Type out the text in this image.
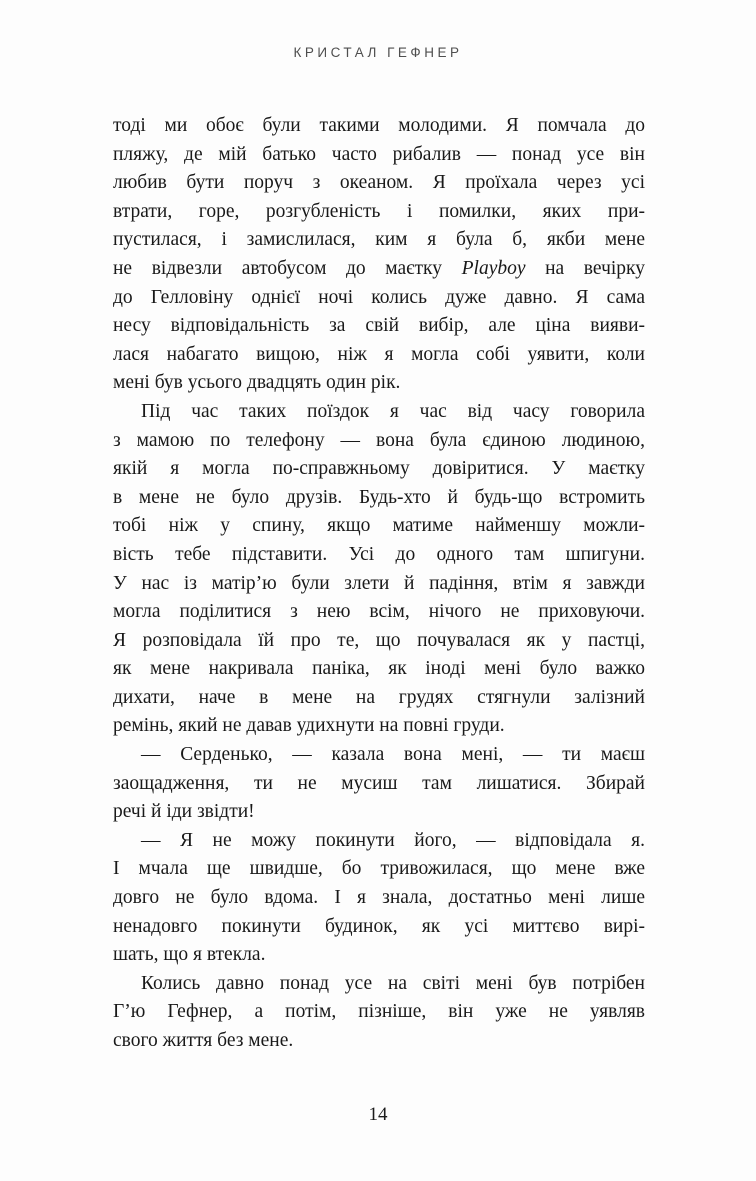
КРИСТАЛ ГЕФНЕР
тоді ми обоє були такими молодими. Я помчала до
пляжу, де мій батько часто рибалив — понад усе він
любив бути поруч з океаном. Я проїхала через усі
втрати, горе, розгубленість і помилки, яких при-
пустилася, і замислилася, ким я була б, якби мене
не відвезли автобусом до маєтку Playboy на вечірку
до Гелловіну однієї ночі колись дуже давно. Я сама
несу відповідальність за свій вибір, але ціна вияви-
лася набагато вищою, ніж я могла собі уявити, коли
мені був усього двадцять один рік.
Під час таких поїздок я час від часу говорила
з мамою по телефону — вона була єдиною людиною,
якій я могла по-справжньому довіритися. У маєтку
в мене не було друзів. Будь-хто й будь-що встромить
тобі ніж у спину, якщо матиме найменшу можли-
вість тебе підставити. Усі до одного там шпигуни.
У нас із матір’ю були злети й падіння, втім я завжди
могла поділитися з нею всім, нічого не приховуючи.
Я розповідала їй про те, що почувалася як у пастці,
як мене накривала паніка, як іноді мені було важко
дихати, наче в мене на грудях стягнули залізний
ремінь, який не давав удихнути на повні груди.
— Серденько, — казала вона мені, — ти маєш
заощадження, ти не мусиш там лишатися. Збирай
речі й іди звідти!
— Я не можу покинути його, — відповідала я.
І мчала ще швидше, бо тривожилася, що мене вже
довго не було вдома. І я знала, достатньо мені лише
ненадовго покинути будинок, як усі миттєво вирі-
шать, що я втекла.
Колись давно понад усе на світі мені був потрібен
Г’ю Гефнер, а потім, пізніше, він уже не уявляв
свого життя без мене.
14
